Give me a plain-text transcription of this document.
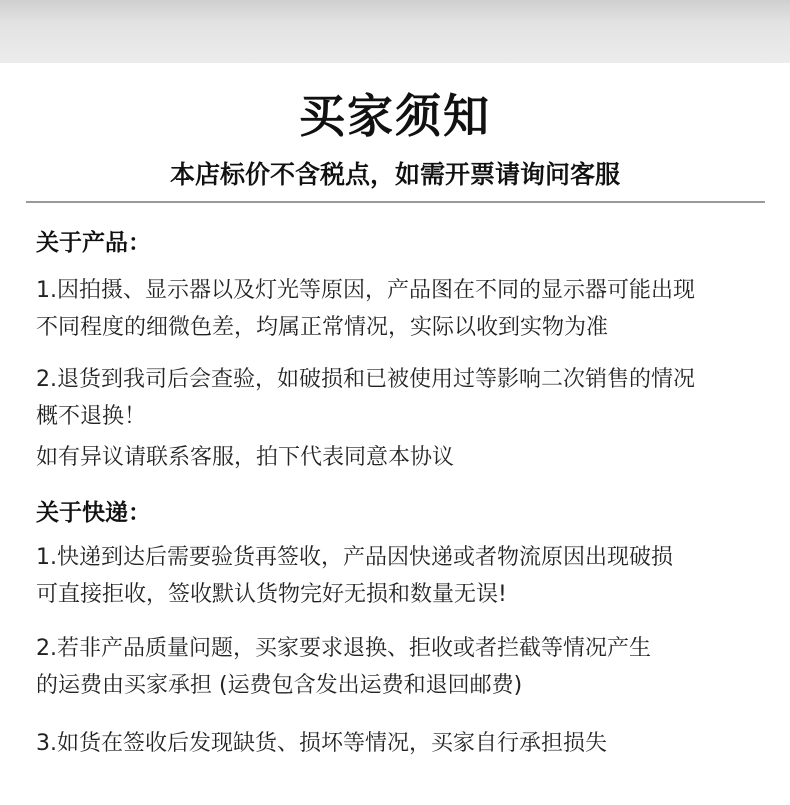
买家须知
本店标价不含税点，如需开票请询问客服
关于产品：
1.因拍摄、显示器以及灯光等原因，产品图在不同的显示器可能出现
不同程度的细微色差，均属正常情况，实际以收到实物为准
2.退货到我司后会查验，如破损和已被使用过等影响二次销售的情况
概不退换！
如有异议请联系客服，拍下代表同意本协议
关于快递：
1.快递到达后需要验货再签收，产品因快递或者物流原因出现破损
可直接拒收，签收默认货物完好无损和数量无误!
2.若非产品质量问题，买家要求退换、拒收或者拦截等情况产生
的运费由买家承担 (运费包含发出运费和退回邮费)
3.如货在签收后发现缺货、损坏等情况，买家自行承担损失
